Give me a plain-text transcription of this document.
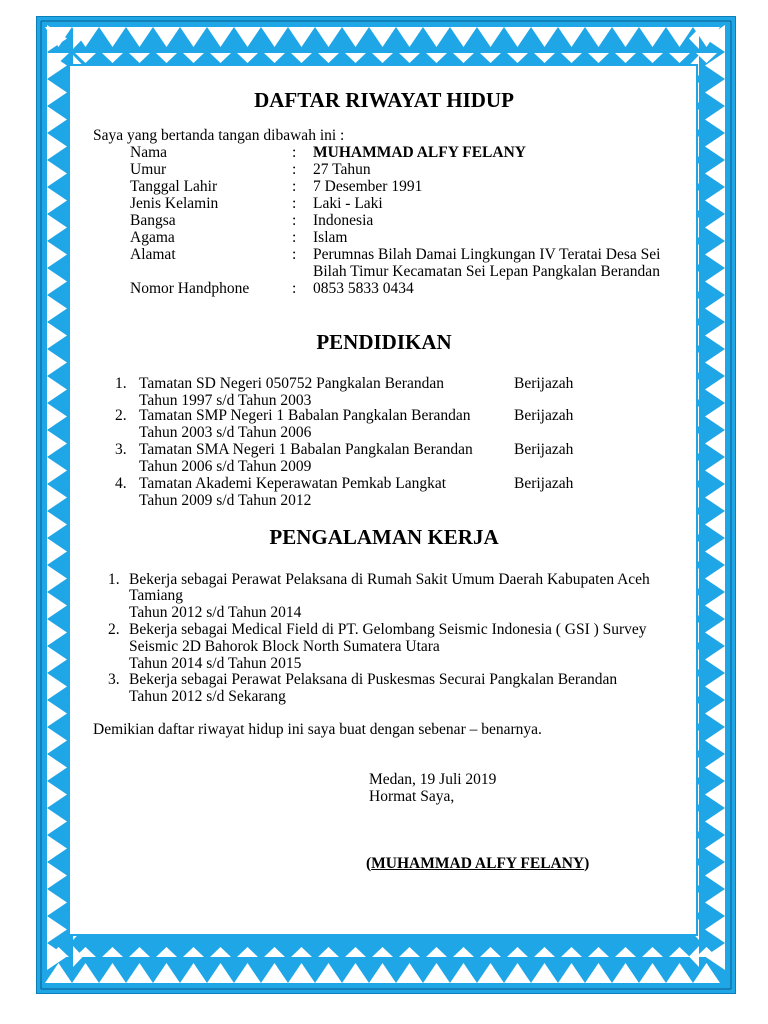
DAFTAR RIWAYAT HIDUP
Saya yang bertanda tangan dibawah ini :
Nama	: MUHAMMAD ALFY FELANY
Umur	: 27 Tahun
Tanggal Lahir	: 7 Desember 1991
Jenis Kelamin	: Laki - Laki
Bangsa	: Indonesia
Agama	: Islam
Alamat	: Perumnas Bilah Damai Lingkungan IV Teratai Desa Sei
Bilah Timur Kecamatan Sei Lepan Pangkalan Berandan
Nomor Handphone	: 0853 5833 0434
PENDIDIKAN
1. Tamatan SD Negeri 050752 Pangkalan Berandan	Berijazah
Tahun 1997 s/d Tahun 2003
2. Tamatan SMP Negeri 1 Babalan Pangkalan Berandan	Berijazah
Tahun 2003 s/d Tahun 2006
3. Tamatan SMA Negeri 1 Babalan Pangkalan Berandan	Berijazah
Tahun 2006 s/d Tahun 2009
4. Tamatan Akademi Keperawatan Pemkab Langkat	Berijazah
Tahun 2009 s/d Tahun 2012
PENGALAMAN KERJA
1. Bekerja sebagai Perawat Pelaksana di Rumah Sakit Umum Daerah Kabupaten Aceh
Tamiang
Tahun 2012 s/d Tahun 2014
2. Bekerja sebagai Medical Field di PT. Gelombang Seismic Indonesia ( GSI ) Survey
Seismic 2D Bahorok Block North Sumatera Utara
Tahun 2014 s/d Tahun 2015
3. Bekerja sebagai Perawat Pelaksana di Puskesmas Securai Pangkalan Berandan
Tahun 2012 s/d Sekarang
Demikian daftar riwayat hidup ini saya buat dengan sebenar – benarnya.
Medan, 19 Juli 2019
Hormat Saya,
(MUHAMMAD ALFY FELANY)
